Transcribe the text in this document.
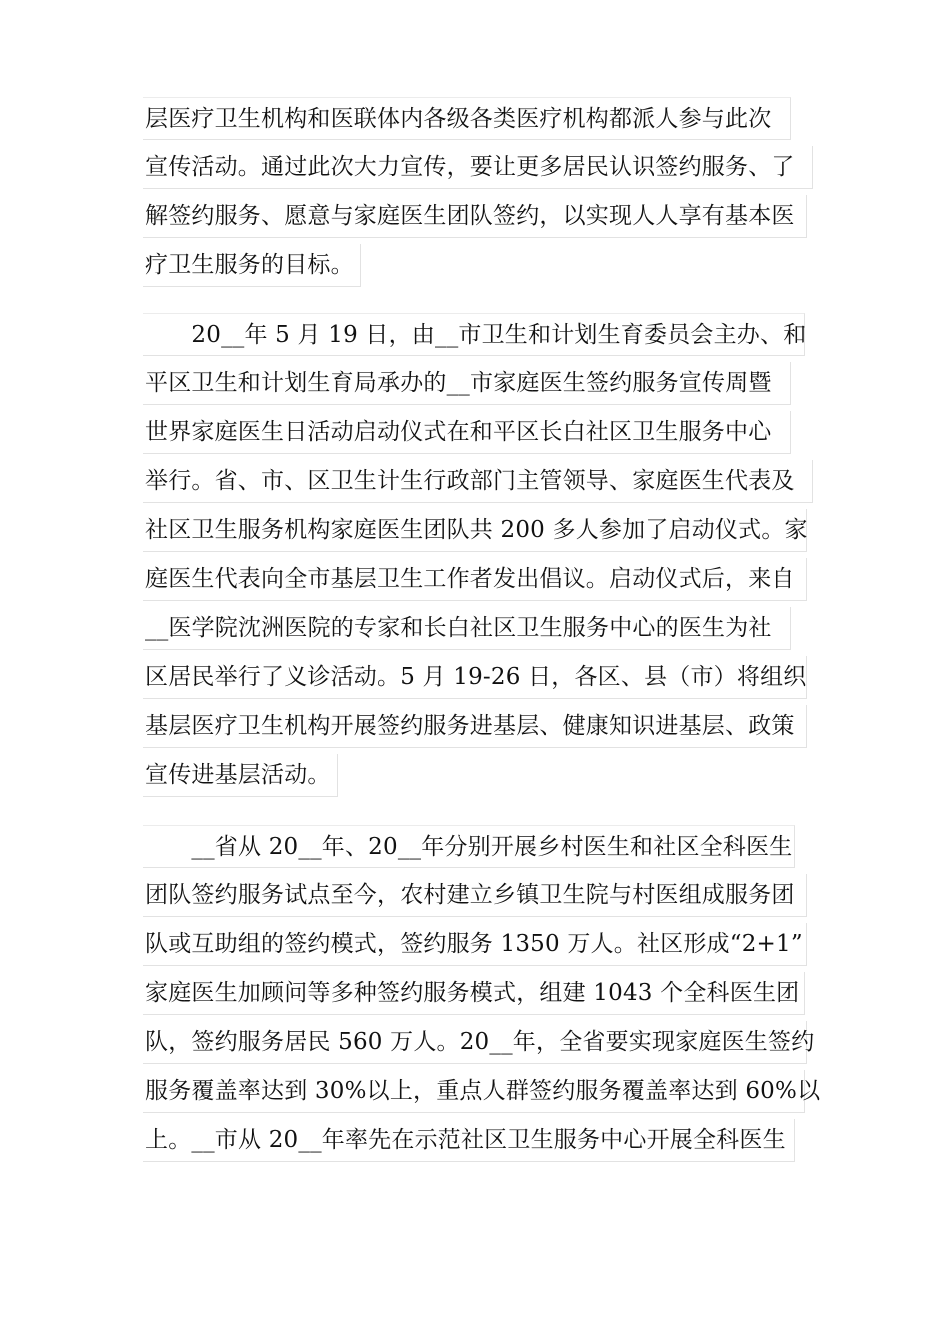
层医疗卫生机构和医联体内各级各类医疗机构都派人参与此次
宣传活动。通过此次大力宣传，要让更多居民认识签约服务、了
解签约服务、愿意与家庭医生团队签约，以实现人人享有基本医
疗卫生服务的目标。
　　20__年 5 月 19 日，由__市卫生和计划生育委员会主办、和
平区卫生和计划生育局承办的__市家庭医生签约服务宣传周暨
世界家庭医生日活动启动仪式在和平区长白社区卫生服务中心
举行。省、市、区卫生计生行政部门主管领导、家庭医生代表及
社区卫生服务机构家庭医生团队共 200 多人参加了启动仪式。家
庭医生代表向全市基层卫生工作者发出倡议。启动仪式后，来自
__医学院沈洲医院的专家和长白社区卫生服务中心的医生为社
区居民举行了义诊活动。5 月 19-26 日，各区、县（市）将组织
基层医疗卫生机构开展签约服务进基层、健康知识进基层、政策
宣传进基层活动。
　　__省从 20__年、20__年分别开展乡村医生和社区全科医生
团队签约服务试点至今，农村建立乡镇卫生院与村医组成服务团
队或互助组的签约模式，签约服务 1350 万人。社区形成“2+1”
家庭医生加顾问等多种签约服务模式，组建 1043 个全科医生团
队，签约服务居民 560 万人。20__年，全省要实现家庭医生签约
服务覆盖率达到 30%以上，重点人群签约服务覆盖率达到 60%以
上。__市从 20__年率先在示范社区卫生服务中心开展全科医生
